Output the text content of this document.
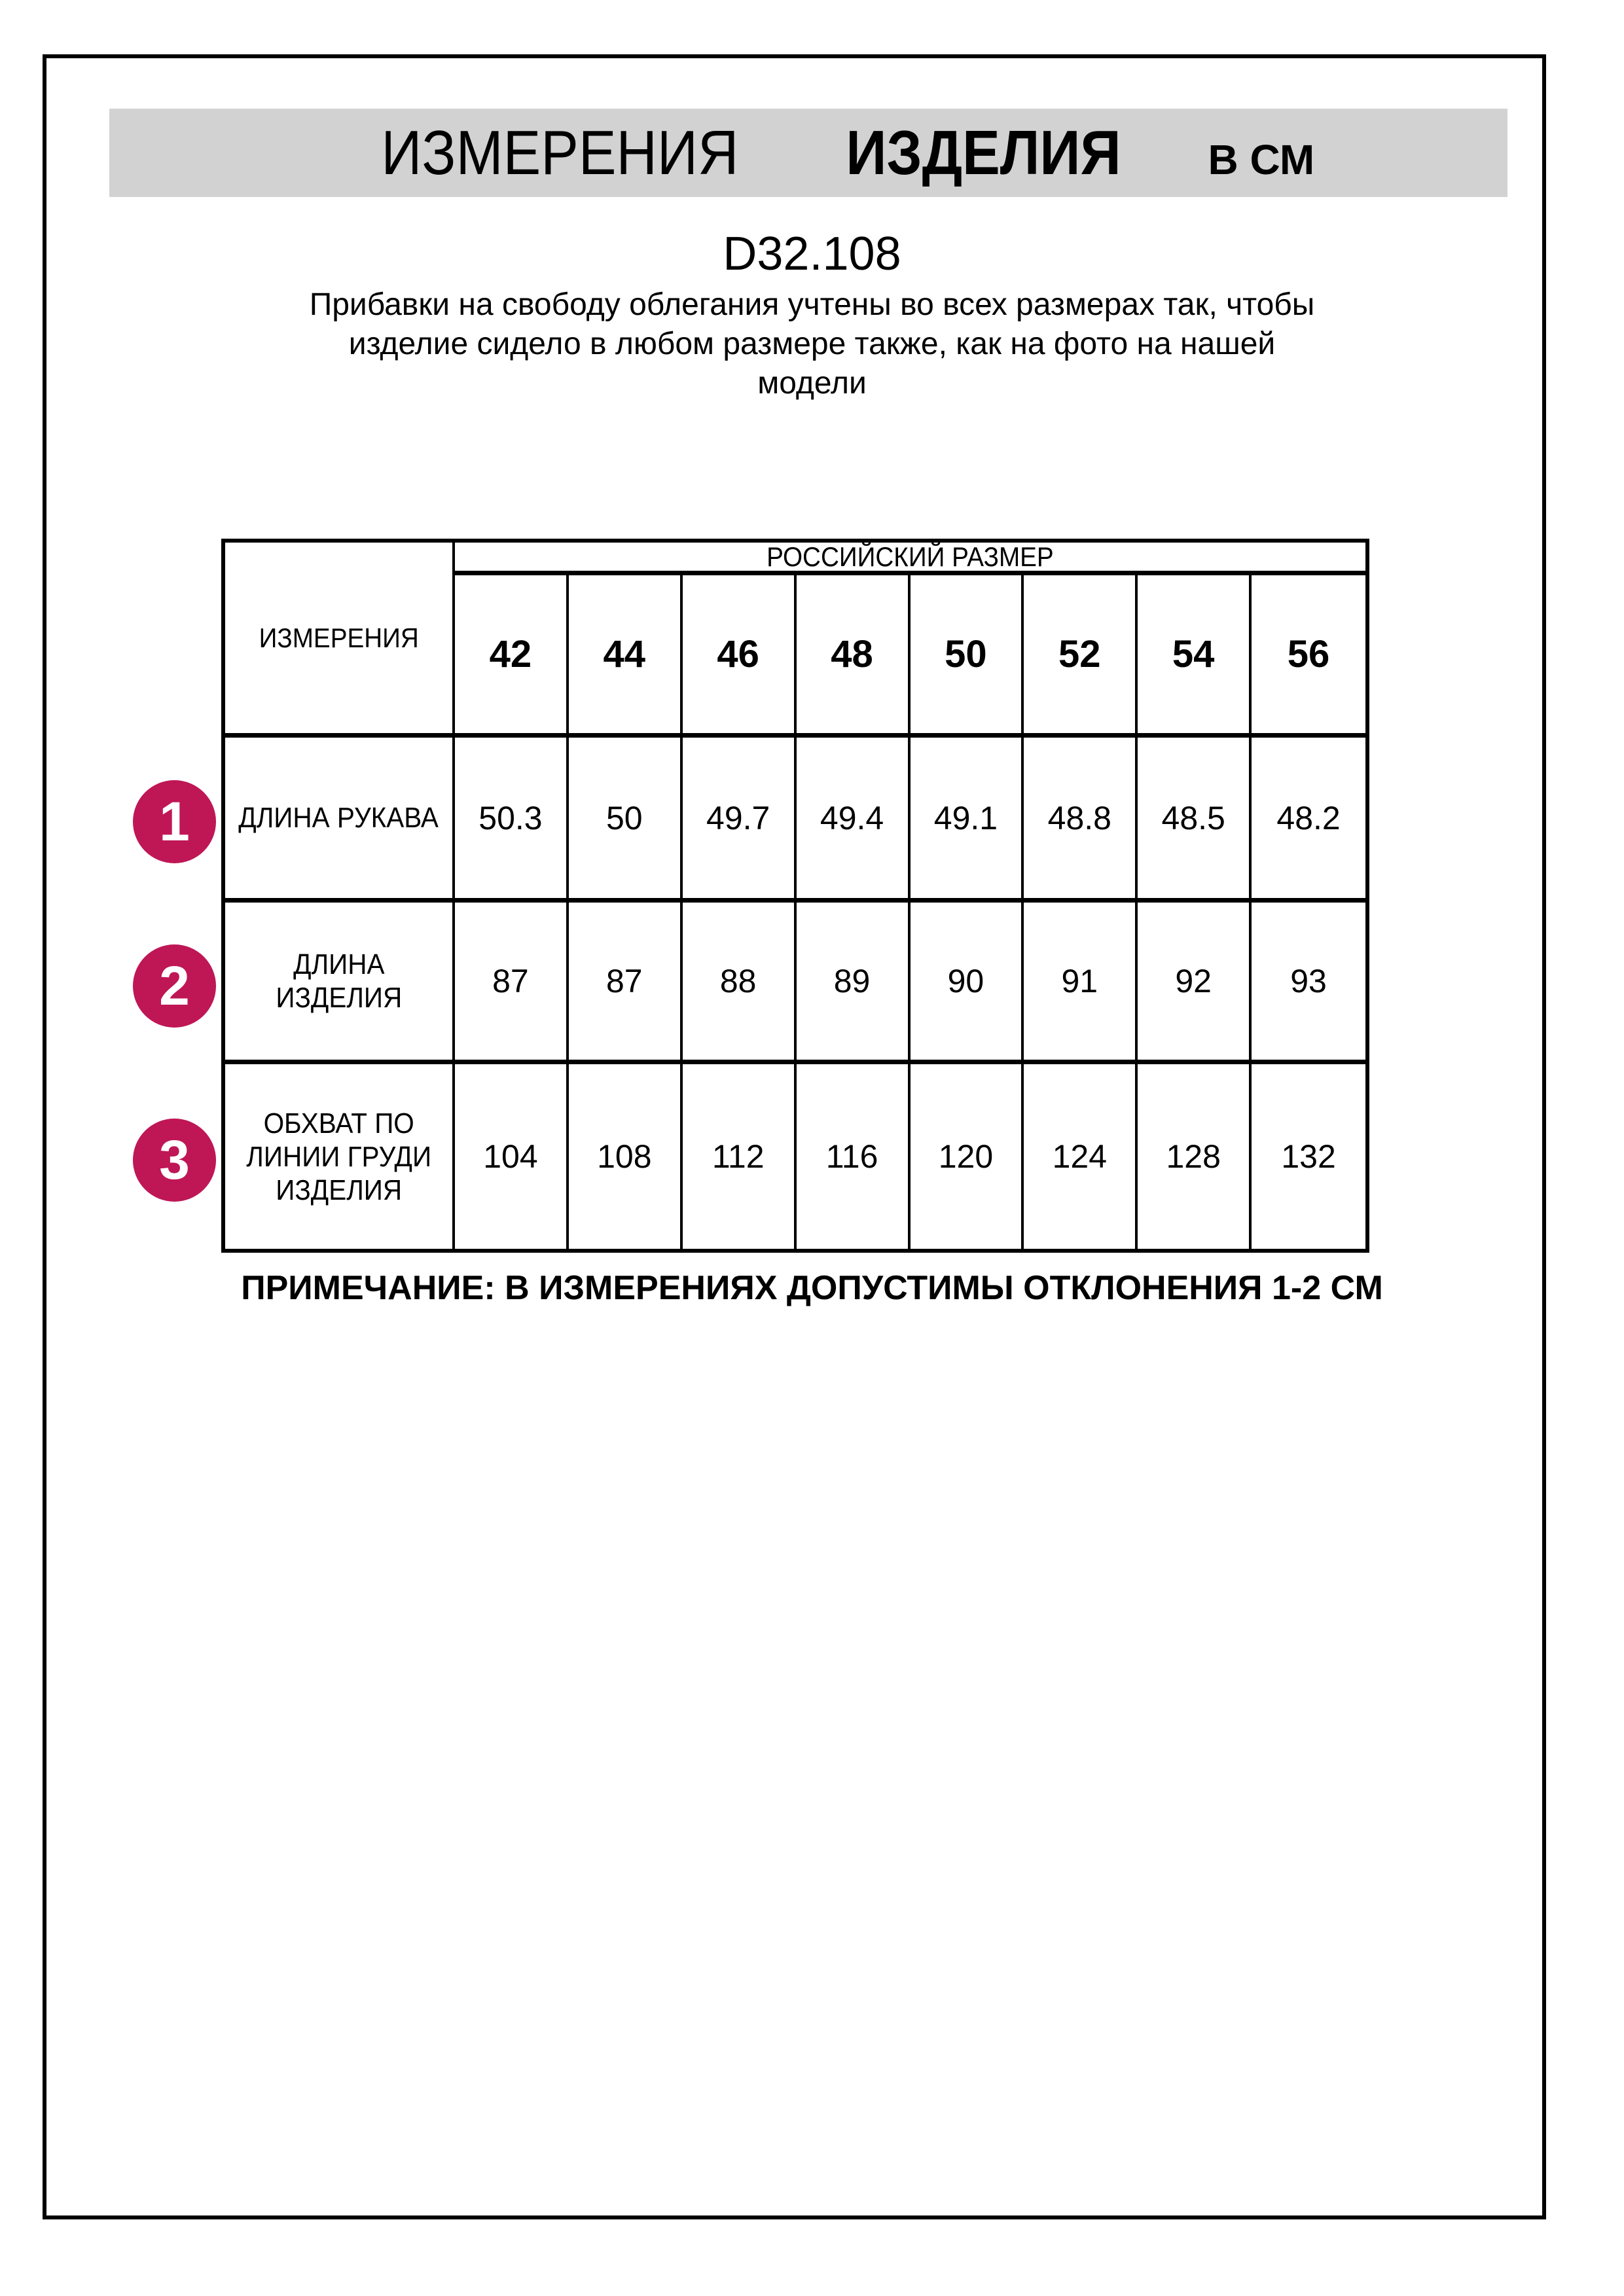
ИЗМЕРЕНИЯ	ИЗДЕЛИЯ	В СМ
D32.108
Прибавки на свободу облегания учтены во всех размерах так, чтобы
изделие сидело в любом размере также, как на фото на нашей
модели
ИЗМЕРЕНИЯ
РОССИЙСКИЙ РАЗМЕР
42	44	46	48	50	52	54	56
ДЛИНА РУКАВА	50.3	50	49.7	49.4	49.1	48.8	48.5	48.2
ДЛИНА
ИЗДЕЛИЯ	87	87	88	89	90	91	92	93
ОБХВАТ ПО
ЛИНИИ ГРУДИ
ИЗДЕЛИЯ
104	108	112	116	120	124	128	132
1
2
3
ПРИМЕЧАНИЕ: В ИЗМЕРЕНИЯХ ДОПУСТИМЫ ОТКЛОНЕНИЯ 1-2 СМ
